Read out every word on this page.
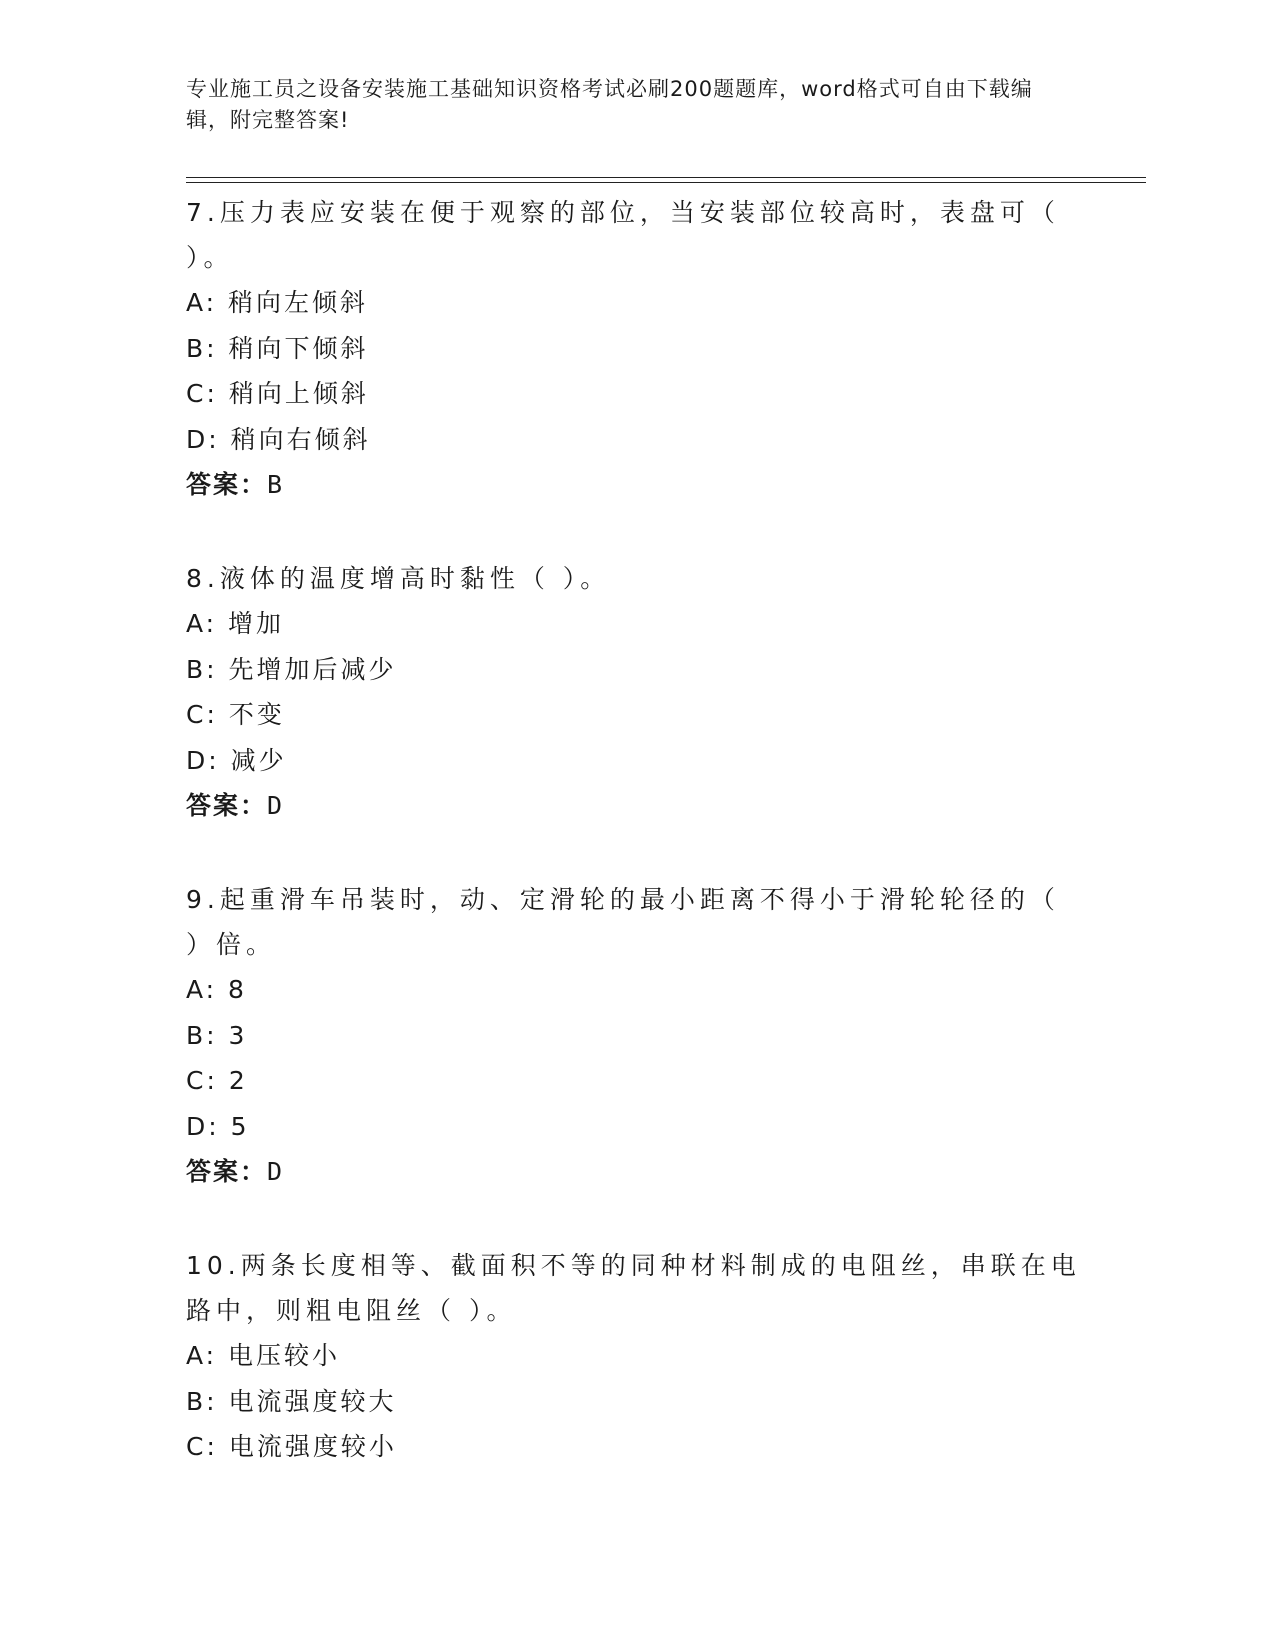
专业施工员之设备安装施工基础知识资格考试必刷200题题库，word格式可自由下载编辑，附完整答案!

7.压力表应安装在便于观察的部位，当安装部位较高时，表盘可（ ）。

A: 稍向左倾斜

B: 稍向下倾斜

C: 稍向上倾斜

D: 稍向右倾斜

答案：B

8.液体的温度增高时黏性（ ）。

A: 增加

B: 先增加后减少

C: 不变

D: 减少

答案：D

9.起重滑车吊装时，动、定滑轮的最小距离不得小于滑轮轮径的（ ）倍。

A: 8

B: 3

C: 2

D: 5

答案：D

10.两条长度相等、截面积不等的同种材料制成的电阻丝，串联在电路中，则粗电阻丝（ ）。

A: 电压较小

B: 电流强度较大

C: 电流强度较小
